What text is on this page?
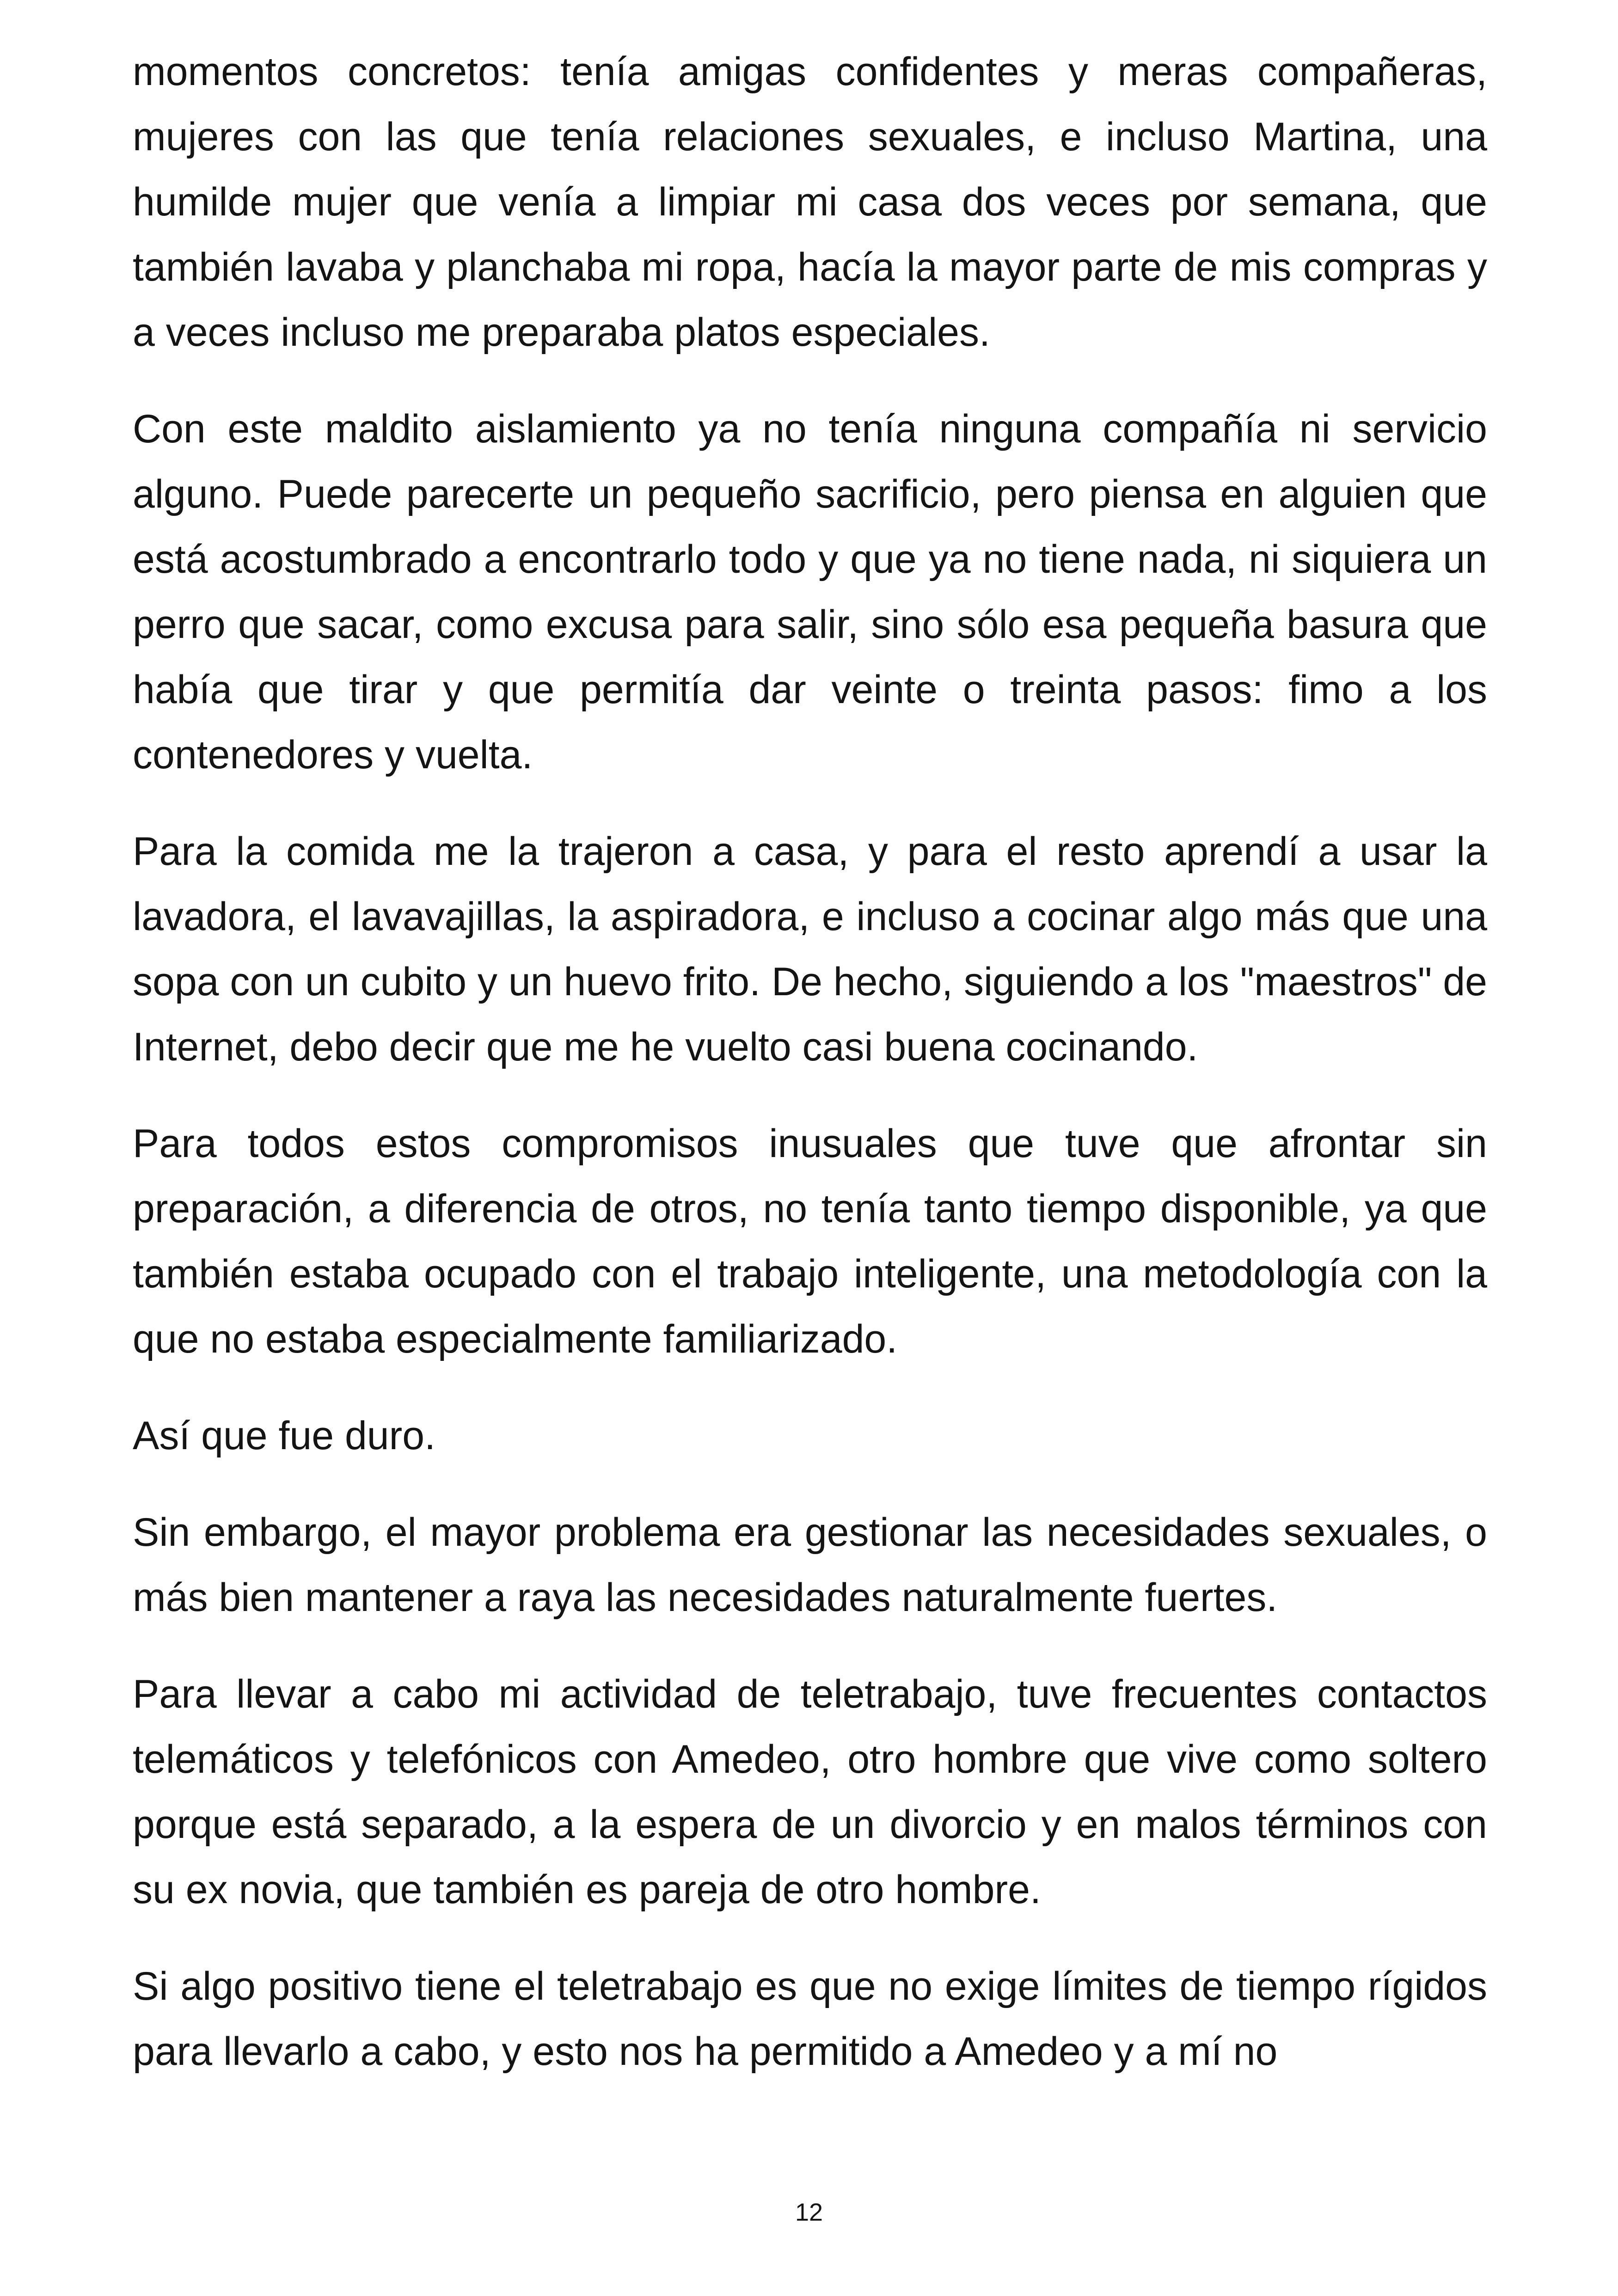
momentos concretos: tenía amigas confidentes y meras compañeras, mujeres con las que tenía relaciones sexuales, e incluso Martina, una humilde mujer que venía a limpiar mi casa dos veces por semana, que también lavaba y planchaba mi ropa, hacía la mayor parte de mis compras y a veces incluso me preparaba platos especiales.

Con este maldito aislamiento ya no tenía ninguna compañía ni servicio alguno. Puede parecerte un pequeño sacrificio, pero piensa en alguien que está acostumbrado a encontrarlo todo y que ya no tiene nada, ni siquiera un perro que sacar, como excusa para salir, sino sólo esa pequeña basura que había que tirar y que permitía dar veinte o treinta pasos: fimo a los contenedores y vuelta.

Para la comida me la trajeron a casa, y para el resto aprendí a usar la lavadora, el lavavajillas, la aspiradora, e incluso a cocinar algo más que una sopa con un cubito y un huevo frito. De hecho, siguiendo a los "maestros" de Internet, debo decir que me he vuelto casi buena cocinando.

Para todos estos compromisos inusuales que tuve que afrontar sin preparación, a diferencia de otros, no tenía tanto tiempo disponible, ya que también estaba ocupado con el trabajo inteligente, una metodología con la que no estaba especialmente familiarizado.

Así que fue duro.

Sin embargo, el mayor problema era gestionar las necesidades sexuales, o más bien mantener a raya las necesidades naturalmente fuertes.

Para llevar a cabo mi actividad de teletrabajo, tuve frecuentes contactos telemáticos y telefónicos con Amedeo, otro hombre que vive como soltero porque está separado, a la espera de un divorcio y en malos términos con su ex novia, que también es pareja de otro hombre.

Si algo positivo tiene el teletrabajo es que no exige límites de tiempo rígidos para llevarlo a cabo, y esto nos ha permitido a Amedeo y a mí no

12
